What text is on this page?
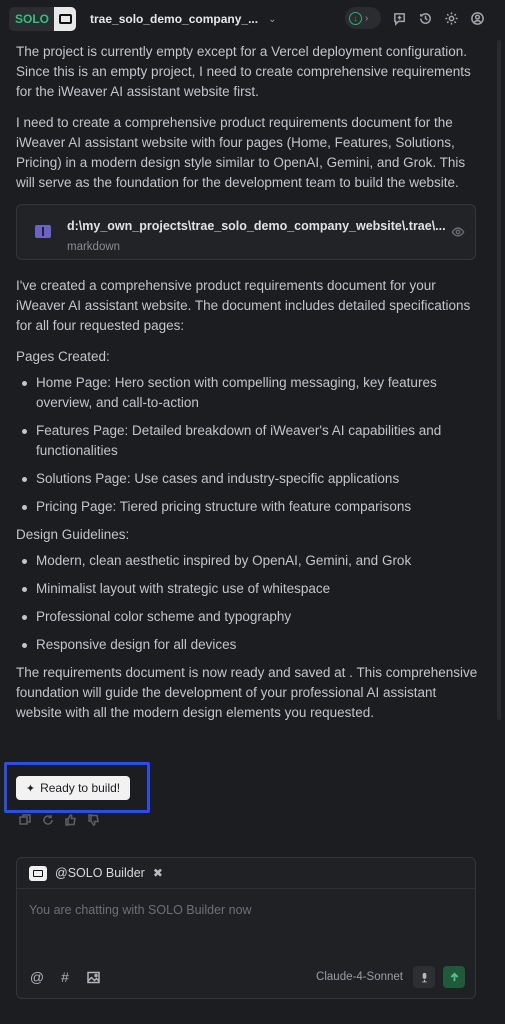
SOLO	trae_solo_demo_company_... ⌄	↓ ›

The project is currently empty except for a Vercel deployment configuration. Since this is an empty project, I need to create comprehensive requirements for the iWeaver AI assistant website first.

I need to create a comprehensive product requirements document for the iWeaver AI assistant website with four pages (Home, Features, Solutions, Pricing) in a modern design style similar to OpenAI, Gemini, and Grok. This will serve as the foundation for the development team to build the website.

d:\my_own_projects\trae_solo_demo_company_website\.trae\...
markdown

I've created a comprehensive product requirements document for your iWeaver AI assistant website. The document includes detailed specifications for all four requested pages:

Pages Created:

Home Page: Hero section with compelling messaging, key features overview, and call-to-action
Features Page: Detailed breakdown of iWeaver's AI capabilities and functionalities
Solutions Page: Use cases and industry-specific applications
Pricing Page: Tiered pricing structure with feature comparisons

Design Guidelines:

Modern, clean aesthetic inspired by OpenAI, Gemini, and Grok
Minimalist layout with strategic use of whitespace
Professional color scheme and typography
Responsive design for all devices

The requirements document is now ready and saved at . This comprehensive foundation will guide the development of your professional AI assistant website with all the modern design elements you requested.

✦ Ready to build!
@SOLO Builder ✖
You are chatting with SOLO Builder now
@ #	Claude-4-Sonnet
